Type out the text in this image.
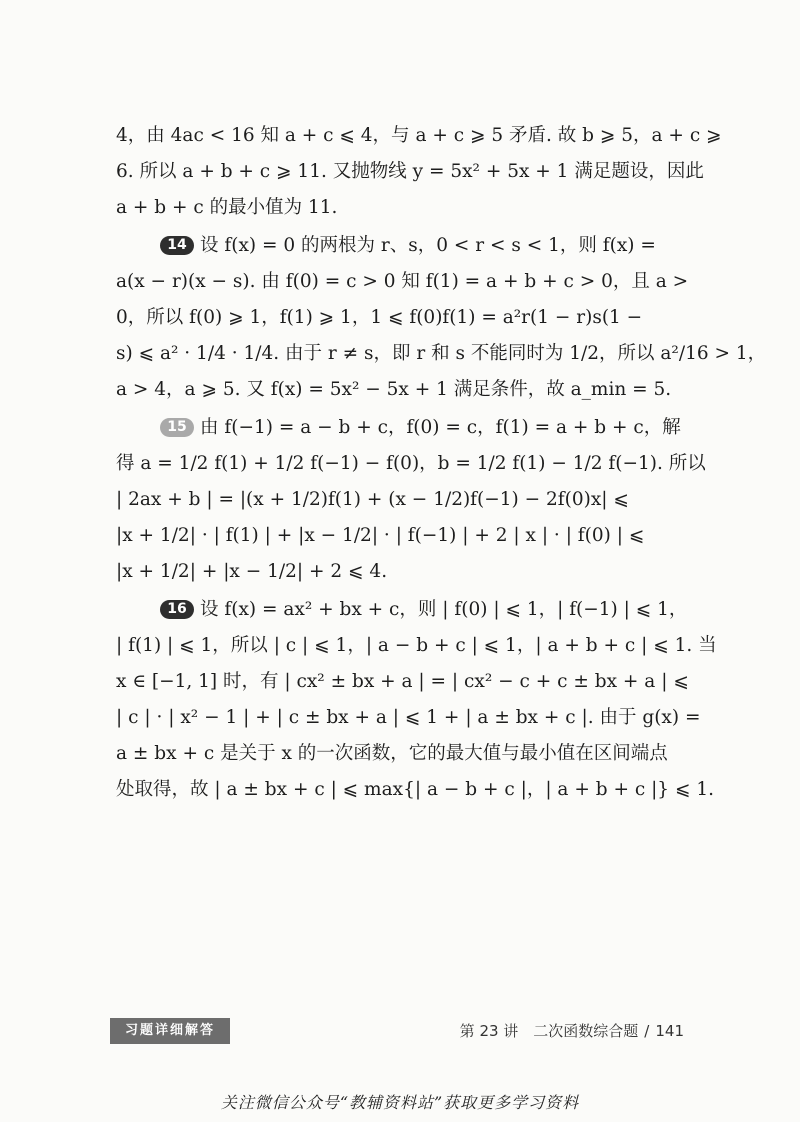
4，由 4ac < 16 知 a + c ⩽ 4，与 a + c ⩾ 5 矛盾. 故 b ⩾ 5，a + c ⩾
6. 所以 a + b + c ⩾ 11. 又抛物线 y = 5x² + 5x + 1 满足题设，因此
a + b + c 的最小值为 11.

14 设 f(x) = 0 的两根为 r、s，0 < r < s < 1，则 f(x) =
a(x − r)(x − s). 由 f(0) = c > 0 知 f(1) = a + b + c > 0，且 a >
0，所以 f(0) ⩾ 1，f(1) ⩾ 1，1 ⩽ f(0)f(1) = a²r(1 − r)s(1 −
s) ⩽ a² · 1/4 · 1/4. 由于 r ≠ s，即 r 和 s 不能同时为 1/2，所以 a²/16 > 1，
a > 4，a ⩾ 5. 又 f(x) = 5x² − 5x + 1 满足条件，故 a_min = 5.

15 由 f(−1) = a − b + c，f(0) = c，f(1) = a + b + c，解
得 a = 1/2 f(1) + 1/2 f(−1) − f(0)，b = 1/2 f(1) − 1/2 f(−1). 所以
| 2ax + b | = |(x + 1/2)f(1) + (x − 1/2)f(−1) − 2f(0)x| ⩽
|x + 1/2| · | f(1) | + |x − 1/2| · | f(−1) | + 2 | x | · | f(0) | ⩽
|x + 1/2| + |x − 1/2| + 2 ⩽ 4.

16 设 f(x) = ax² + bx + c，则 | f(0) | ⩽ 1，| f(−1) | ⩽ 1，
| f(1) | ⩽ 1，所以 | c | ⩽ 1，| a − b + c | ⩽ 1，| a + b + c | ⩽ 1. 当
x ∈ [−1, 1] 时，有 | cx² ± bx + a | = | cx² − c + c ± bx + a | ⩽
| c | · | x² − 1 | + | c ± bx + a | ⩽ 1 + | a ± bx + c |. 由于 g(x) =
a ± bx + c 是关于 x 的一次函数，它的最大值与最小值在区间端点
处取得，故 | a ± bx + c | ⩽ max{| a − b + c |，| a + b + c |} ⩽ 1.

习题详细解答	第 23 讲　二次函数综合题 / 141
关注微信公众号“教辅资料站”获取更多学习资料
